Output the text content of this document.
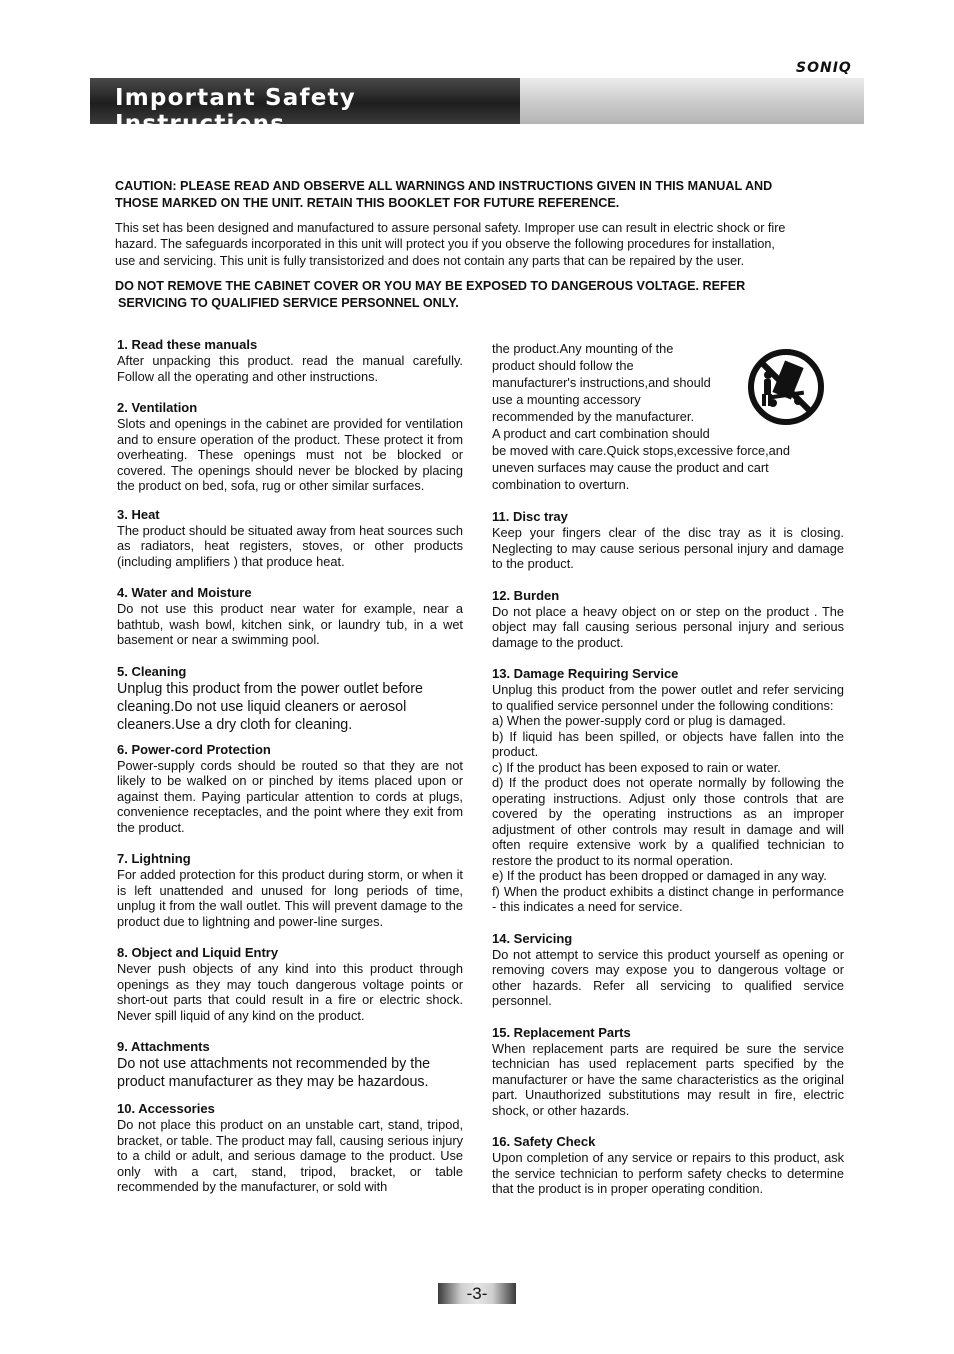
SONIQ
Important Safety Instructions
CAUTION: PLEASE READ AND OBSERVE ALL WARNINGS AND INSTRUCTIONS GIVEN IN THIS MANUAL AND
THOSE MARKED ON THE UNIT. RETAIN THIS BOOKLET FOR FUTURE REFERENCE.
This set has been designed and manufactured to assure personal safety. Improper use can result in electric shock or fire
hazard. The safeguards incorporated in this unit will protect you if you observe the following procedures for installation,
use and servicing. This unit is fully transistorized and does not contain any parts that can be repaired by the user.
DO NOT REMOVE THE CABINET COVER OR YOU MAY BE EXPOSED TO DANGEROUS VOLTAGE. REFER
SERVICING TO QUALIFIED SERVICE PERSONNEL ONLY.
1. Read these manuals

After unpacking this product. read the manual carefully. Follow all the operating and other instructions.

2. Ventilation

Slots and openings in the cabinet are provided for ventilation and to ensure operation of the product. These protect it from overheating. These openings must not be blocked or covered. The openings should never be blocked by placing the product on bed, sofa, rug or other similar surfaces.

3. Heat

The product should be situated away from heat sources such as radiators, heat registers, stoves, or other products (including amplifiers ) that produce heat.

4. Water and Moisture

Do not use this product near water for example, near a bathtub, wash bowl, kitchen sink, or laundry tub, in a wet basement or near a swimming pool.

5. Cleaning

Unplug this product from the power outlet before cleaning.Do not use liquid cleaners or aerosol cleaners.Use a dry cloth for cleaning.

6. Power-cord Protection

Power-supply cords should be routed so that they are not likely to be walked on or pinched by items placed upon or against them. Paying particular attention to cords at plugs, convenience receptacles, and the point where they exit from the product.

7. Lightning

For added protection for this product during storm, or when it is left unattended and unused for long periods of time, unplug it from the wall outlet. This will prevent damage to the product due to lightning and power-line surges.

8. Object and Liquid Entry

Never push objects of any kind into this product through openings as they may touch dangerous voltage points or short-out parts that could result in a fire or electric shock. Never spill liquid of any kind on the product.

9. Attachments

Do not use attachments not recommended by the product manufacturer as they may be hazardous.

10. Accessories

Do not place this product on an unstable cart, stand, tripod, bracket, or table. The product may fall, causing serious injury to a child or adult, and serious damage to the product. Use only with a cart, stand, tripod, bracket, or table recommended by the manufacturer, or sold with

the product.Any mounting of the
product should follow the
manufacturer's instructions,and should
use a mounting accessory
recommended by the manufacturer.
A product and cart combination should
be moved with care.Quick stops,excessive force,and
uneven surfaces may cause the product and cart
combination to overturn.
11. Disc tray

Keep your fingers clear of the disc tray as it is closing. Neglecting to may cause serious personal injury and damage to the product.

12. Burden

Do not place a heavy object on or step on the product . The object may fall causing serious personal injury and serious damage to the product.

13. Damage Requiring Service

Unplug this product from the power outlet and refer servicing to qualified service personnel under the following conditions:

a) When the power-supply cord or plug is damaged.

b) If liquid has been spilled, or objects have fallen into the product.

c) If the product has been exposed to rain or water.

d) If the product does not operate normally by following the operating instructions. Adjust only those controls that are covered by the operating instructions as an improper adjustment of other controls may result in damage and will often require extensive work by a qualified technician to restore the product to its normal operation.

e) If the product has been dropped or damaged in any way.

f) When the product exhibits a distinct change in performance - this indicates a need for service.

14. Servicing

Do not attempt to service this product yourself as opening or removing covers may expose you to dangerous voltage or other hazards. Refer all servicing to qualified service personnel.

15. Replacement Parts

When replacement parts are required be sure the service technician has used replacement parts specified by the manufacturer or have the same characteristics as the original part. Unauthorized substitutions may result in fire, electric shock, or other hazards.

16. Safety Check

Upon completion of any service or repairs to this product, ask the service technician to perform safety checks to determine that the product is in proper operating condition.

-3-
